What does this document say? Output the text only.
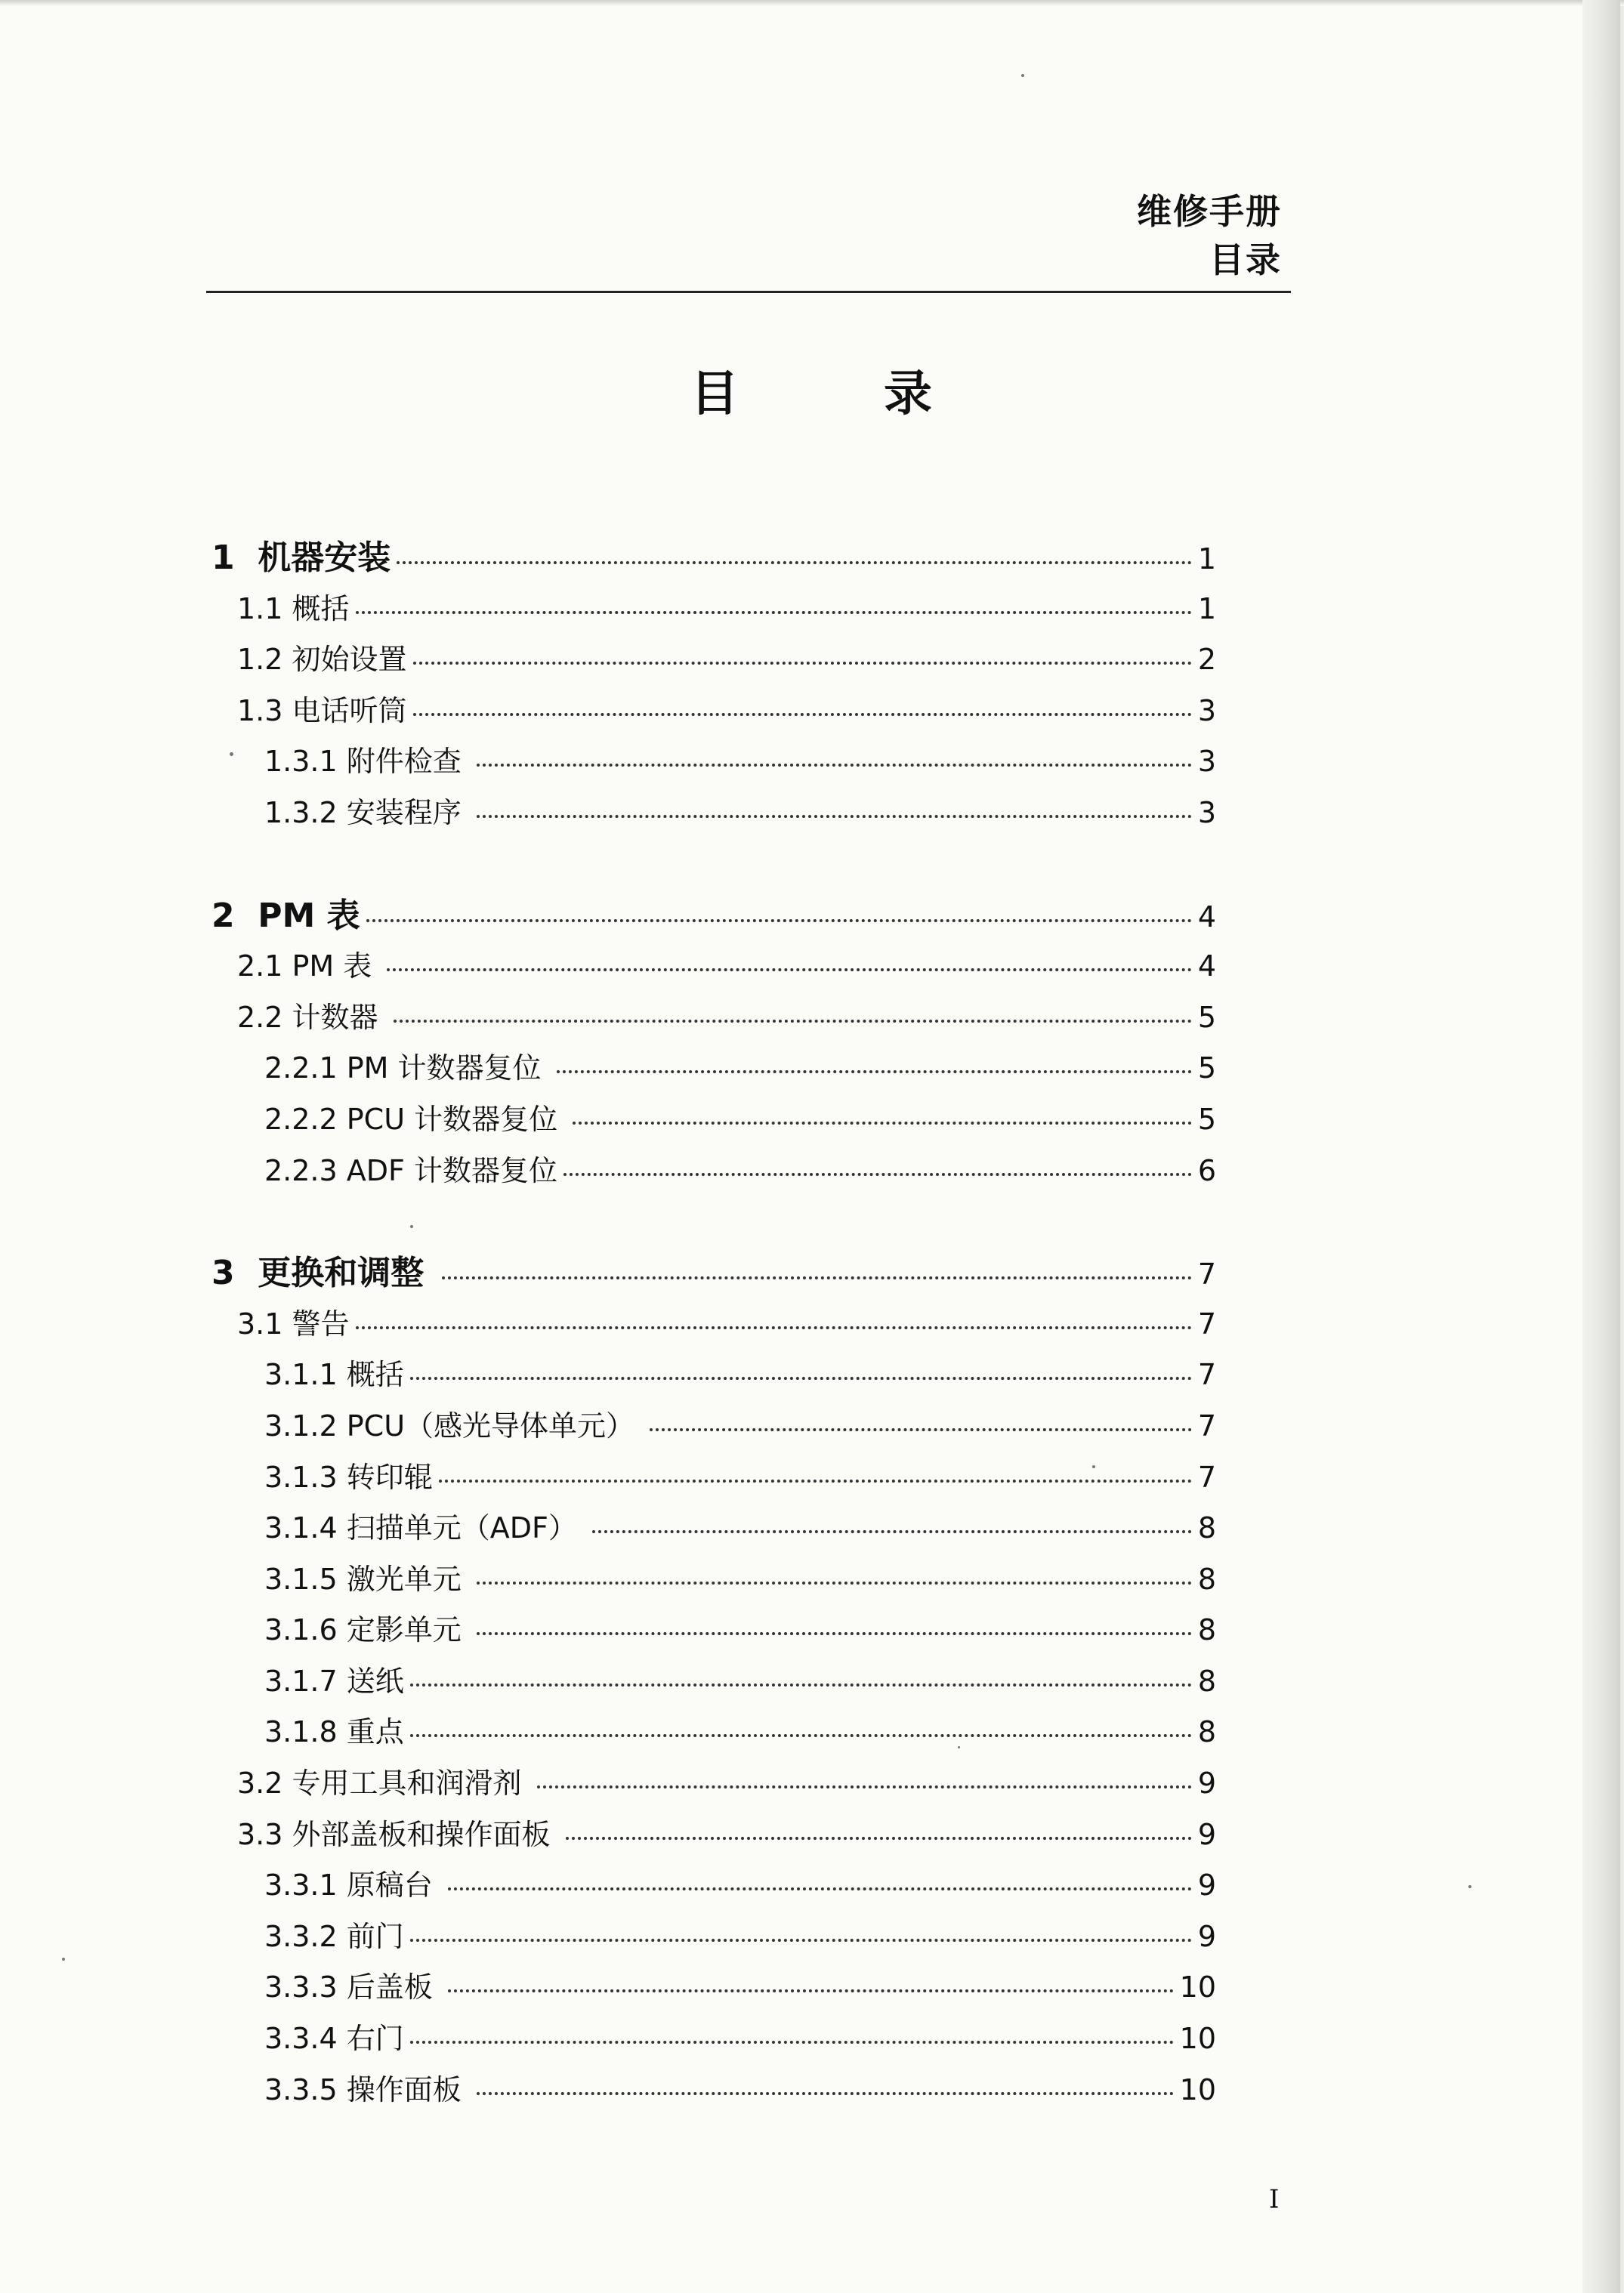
维修手册
目录
目	录
1  机器安装	1
1.1 概括	1
1.2 初始设置	2
1.3 电话听筒	3
1.3.1 附件检查	3
1.3.2 安装程序	3
2  PM 表	4
2.1 PM 表	4
2.2 计数器	5
2.2.1 PM 计数器复位	5
2.2.2 PCU 计数器复位	5
2.2.3 ADF 计数器复位	6
3  更换和调整	7
3.1 警告	7
3.1.1 概括	7
3.1.2 PCU（感光导体单元）	7
3.1.3 转印辊	7
3.1.4 扫描单元（ADF）	8
3.1.5 激光单元	8
3.1.6 定影单元	8
3.1.7 送纸	8
3.1.8 重点	8
3.2 专用工具和润滑剂	9
3.3 外部盖板和操作面板	9
3.3.1 原稿台	9
3.3.2 前门	9
3.3.3 后盖板	10
3.3.4 右门	10
3.3.5 操作面板	10
I
